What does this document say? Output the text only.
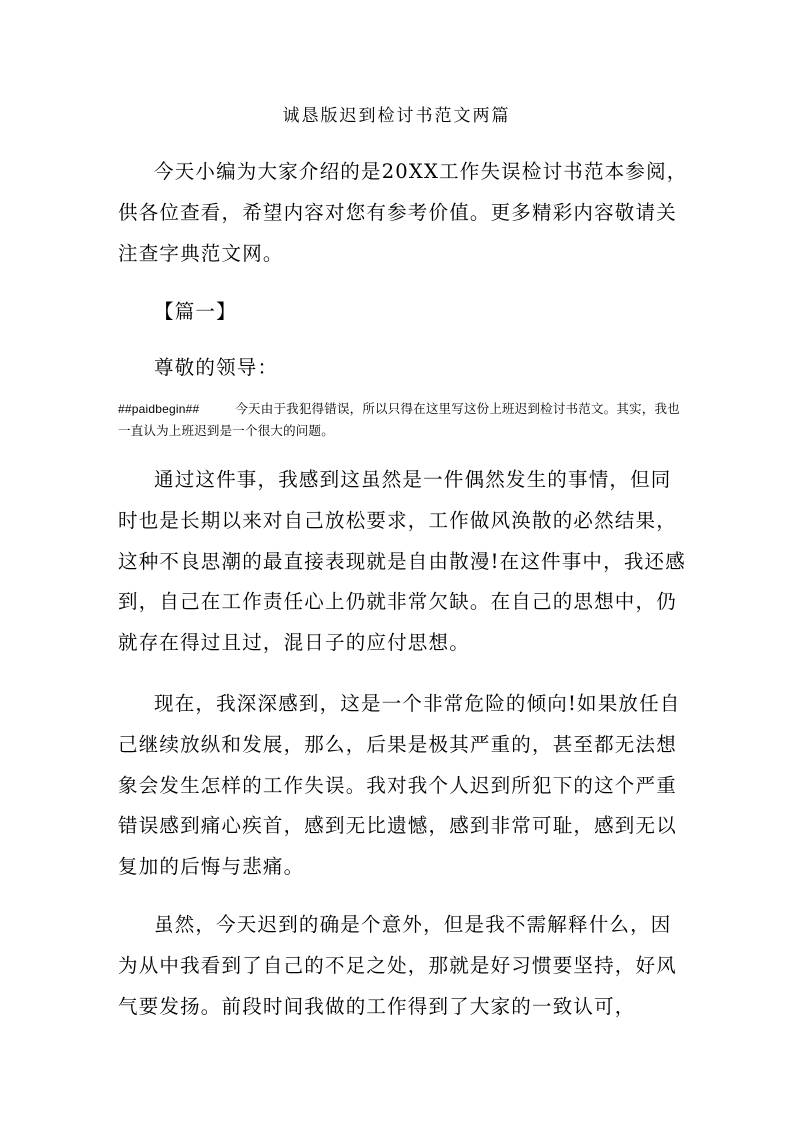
诚恳版迟到检讨书范文两篇

今天小编为大家介绍的是20XX工作失误检讨书范本参阅，供各位查看，希望内容对您有参考价值。更多精彩内容敬请关注查字典范文网。

【篇一】

尊敬的领导：

##paidbegin##	今天由于我犯得错误，所以只得在这里写这份上班迟到检讨书范文。其实，我也一直认为上班迟到是一个很大的问题。

通过这件事，我感到这虽然是一件偶然发生的事情，但同时也是长期以来对自己放松要求，工作做风涣散的必然结果，这种不良思潮的最直接表现就是自由散漫!在这件事中，我还感到，自己在工作责任心上仍就非常欠缺。在自己的思想中，仍就存在得过且过，混日子的应付思想。

现在，我深深感到，这是一个非常危险的倾向!如果放任自己继续放纵和发展，那么，后果是极其严重的，甚至都无法想象会发生怎样的工作失误。我对我个人迟到所犯下的这个严重错误感到痛心疾首，感到无比遗憾，感到非常可耻，感到无以复加的后悔与悲痛。

虽然，今天迟到的确是个意外，但是我不需解释什么，因为从中我看到了自己的不足之处，那就是好习惯要坚持，好风气要发扬。前段时间我做的工作得到了大家的一致认可，
